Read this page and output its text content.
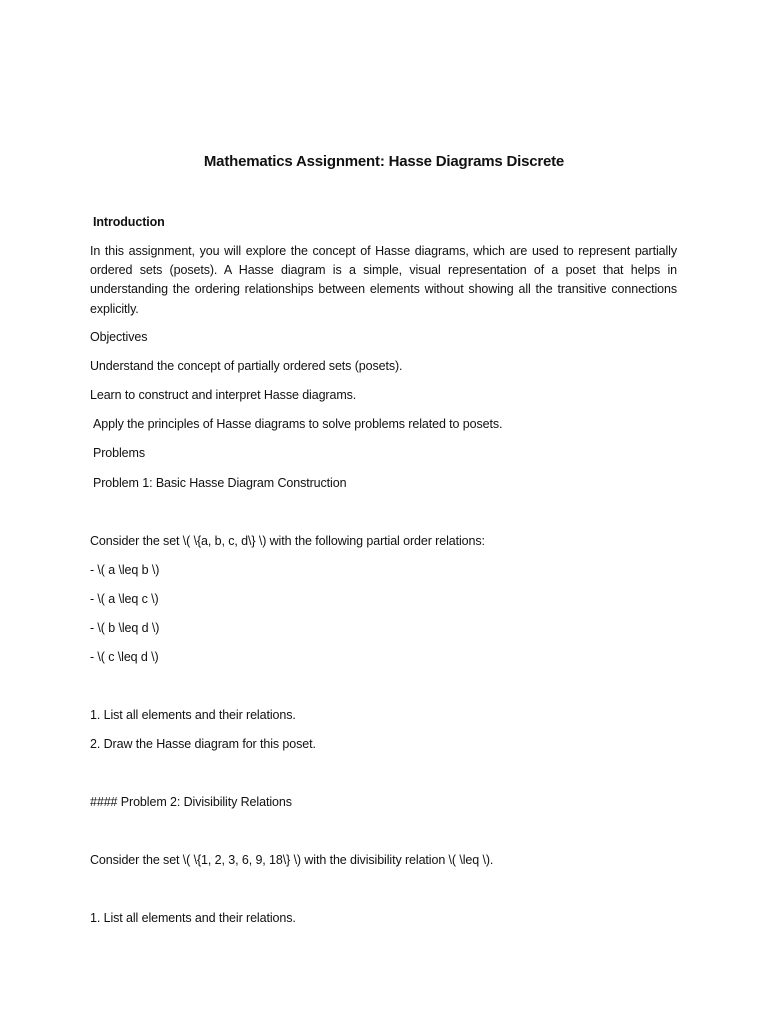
Mathematics Assignment: Hasse Diagrams Discrete
Introduction
In this assignment, you will explore the concept of Hasse diagrams, which are used to represent partially ordered sets (posets). A Hasse diagram is a simple, visual representation of a poset that helps in understanding the ordering relationships between elements without showing all the transitive connections explicitly.
Objectives
Understand the concept of partially ordered sets (posets).
Learn to construct and interpret Hasse diagrams.
Apply the principles of Hasse diagrams to solve problems related to posets.
Problems
Problem 1: Basic Hasse Diagram Construction
Consider the set \( \{a, b, c, d\} \) with the following partial order relations:
- \( a \leq b \)
- \( a \leq c \)
- \( b \leq d \)
- \( c \leq d \)
1. List all elements and their relations.
2. Draw the Hasse diagram for this poset.
#### Problem 2: Divisibility Relations
Consider the set \( \{1, 2, 3, 6, 9, 18\} \) with the divisibility relation \( \leq \).
1. List all elements and their relations.
